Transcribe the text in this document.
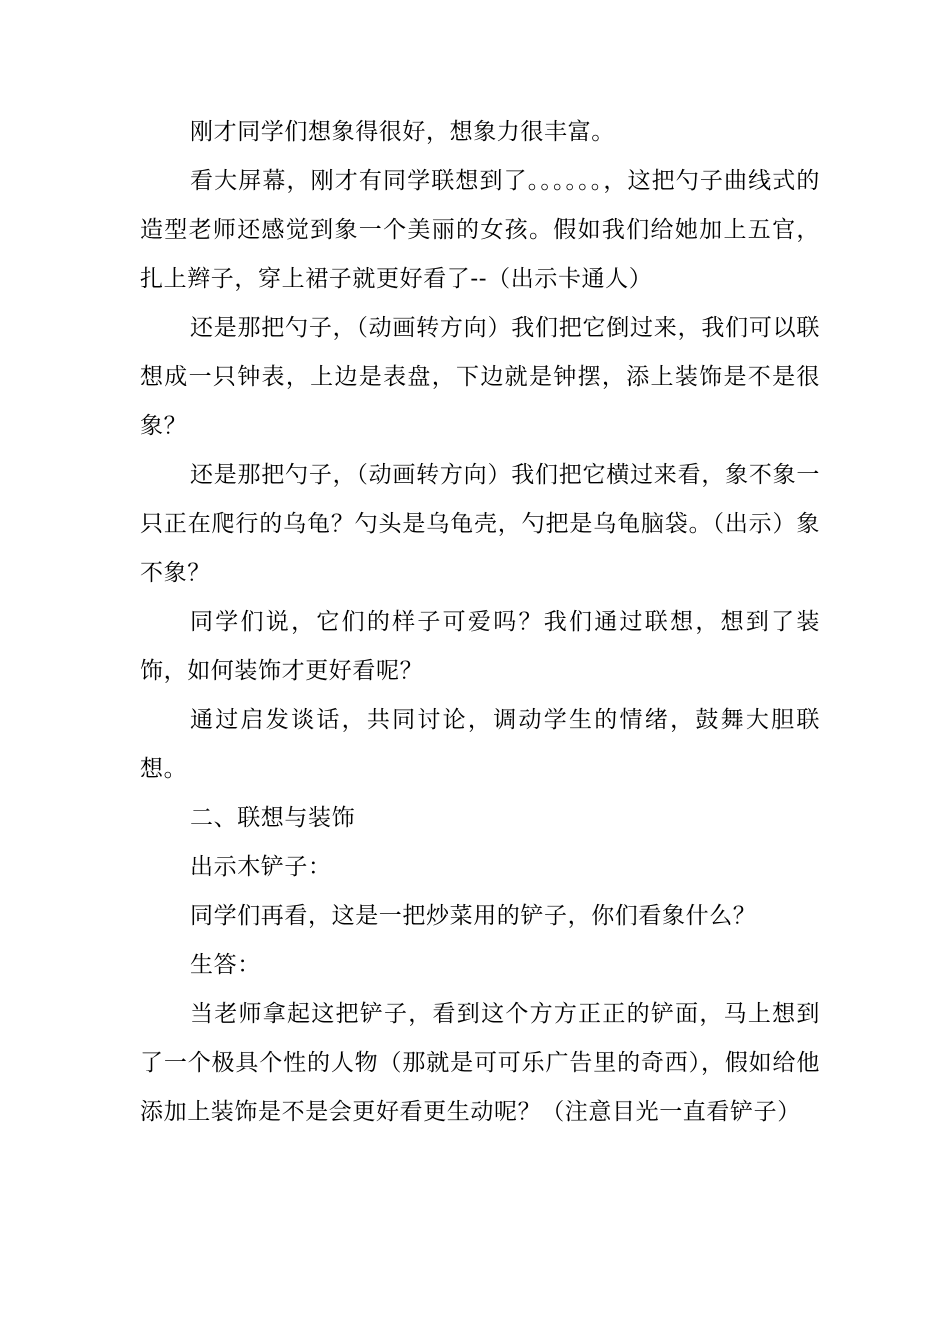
刚才同学们想象得很好，想象力很丰富。

看大屏幕，刚才有同学联想到了。。。。。。，这把勺子曲线式的造型老师还感觉到象一个美丽的女孩。假如我们给她加上五官，扎上辫子，穿上裙子就更好看了--（出示卡通人）

还是那把勺子，（动画转方向）我们把它倒过来，我们可以联想成一只钟表，上边是表盘，下边就是钟摆，添上装饰是不是很象？

还是那把勺子，（动画转方向）我们把它横过来看，象不象一只正在爬行的乌龟？勺头是乌龟壳，勺把是乌龟脑袋。（出示）象不象？

同学们说，它们的样子可爱吗？我们通过联想，想到了装饰，如何装饰才更好看呢？

通过启发谈话，共同讨论，调动学生的情绪，鼓舞大胆联想。

二、联想与装饰

出示木铲子：

同学们再看，这是一把炒菜用的铲子，你们看象什么？

生答：

当老师拿起这把铲子，看到这个方方正正的铲面，马上想到了一个极具个性的人物（那就是可可乐广告里的奇西），假如给他添加上装饰是不是会更好看更生动呢？（注意目光一直看铲子）
